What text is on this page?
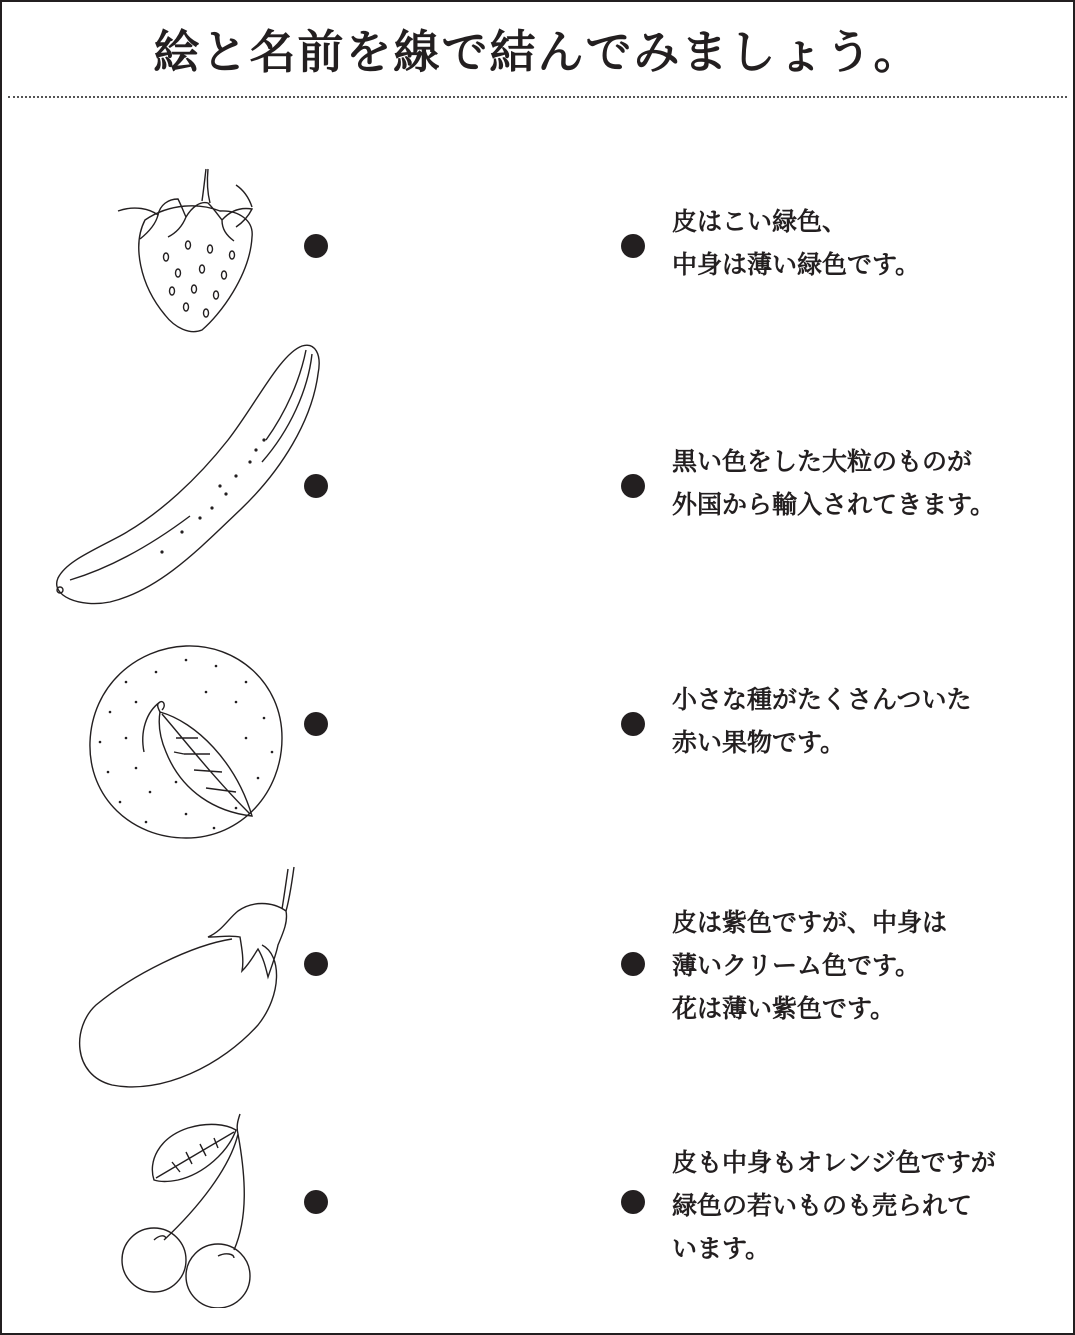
絵と名前を線で結んでみましょう。
皮はこい緑色、
中身は薄い緑色です。
黒い色をした大粒のものが
外国から輸入されてきます。
小さな種がたくさんついた
赤い果物です。
皮は紫色ですが、中身は
薄いクリーム色です。
花は薄い紫色です。
皮も中身もオレンジ色ですが
緑色の若いものも売られて
います。
